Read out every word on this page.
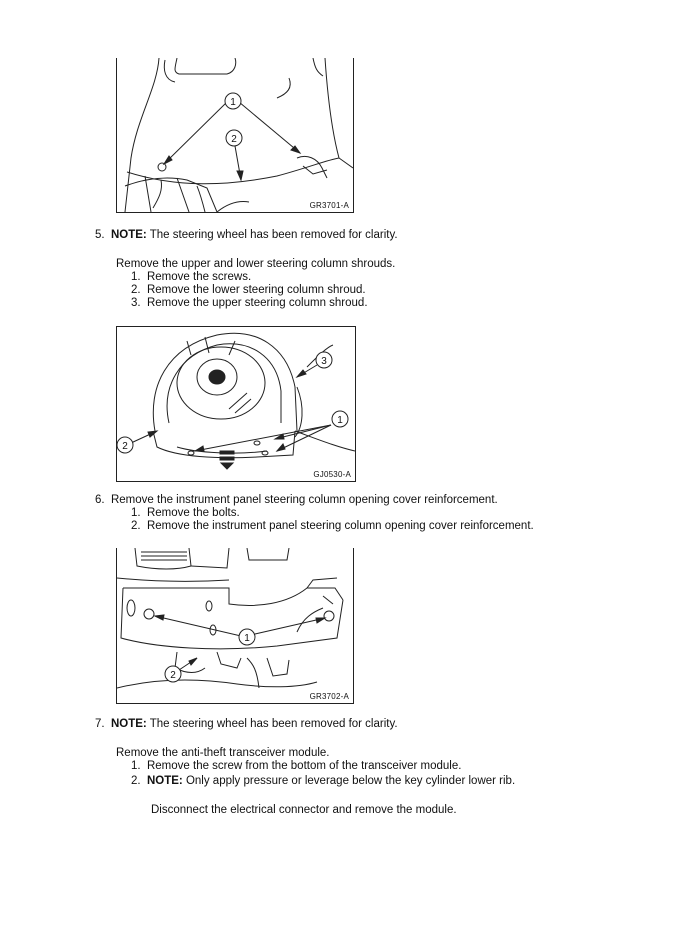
1
2
GR3701-A
5. NOTE: The steering wheel has been removed for clarity.
Remove the upper and lower steering column shrouds.
1. Remove the screws.
2. Remove the lower steering column shroud.
3. Remove the upper steering column shroud.
1
2
3
GJ0530-A
6. Remove the instrument panel steering column opening cover reinforcement.
1. Remove the bolts.
2. Remove the instrument panel steering column opening cover reinforcement.
1
2
GR3702-A
7. NOTE: The steering wheel has been removed for clarity.
Remove the anti-theft transceiver module.
1. Remove the screw from the bottom of the transceiver module.
2. NOTE: Only apply pressure or leverage below the key cylinder lower rib.
Disconnect the electrical connector and remove the module.
